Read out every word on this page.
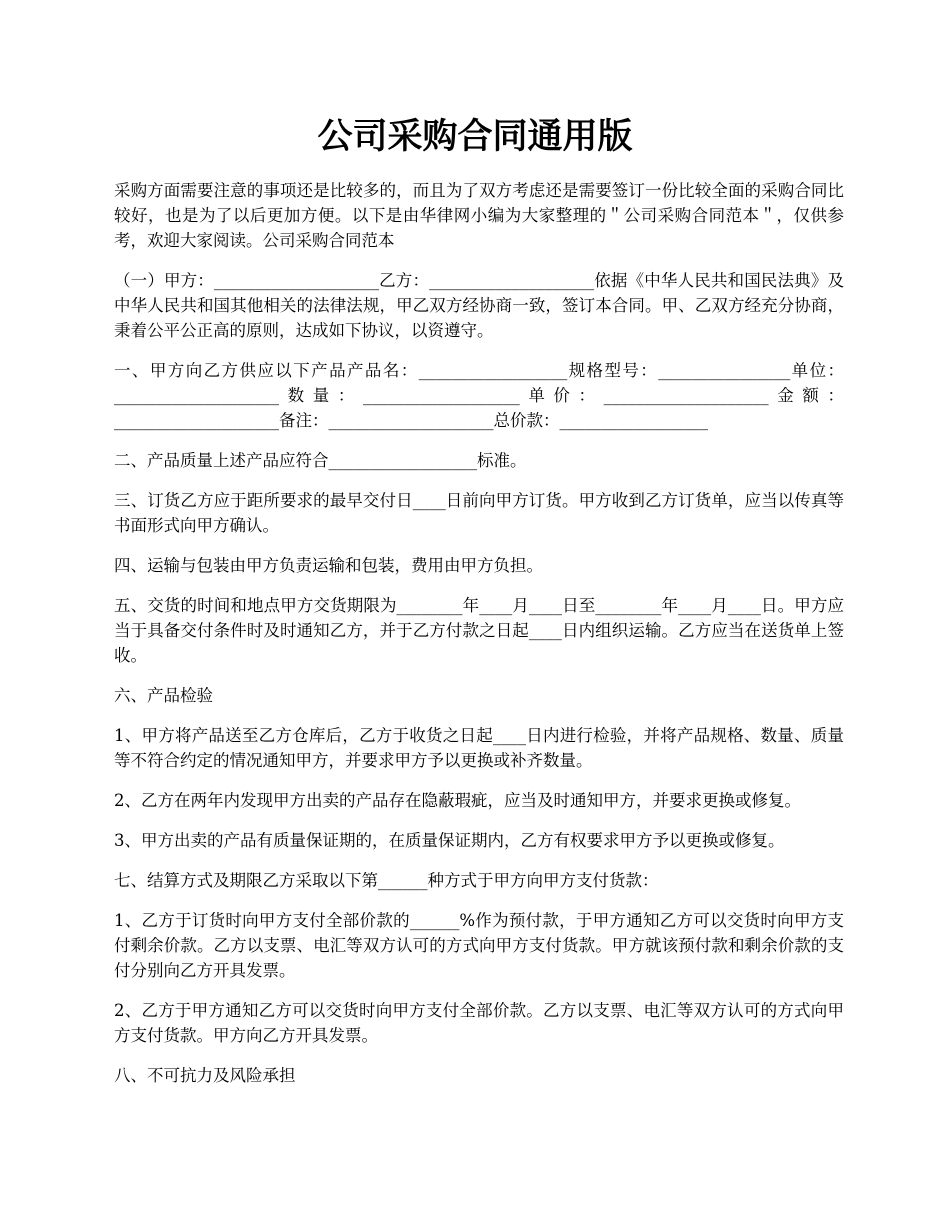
公司采购合同通用版

采购方面需要注意的事项还是比较多的，而且为了双方考虑还是需要签订一份比较全面的采购合同比较好，也是为了以后更加方便。以下是由华律网小编为大家整理的＂公司采购合同范本＂，仅供参考，欢迎大家阅读。公司采购合同范本

（一）甲方：____________________乙方：____________________依据《中华人民共和国民法典》及中华人民共和国其他相关的法律法规，甲乙双方经协商一致，签订本合同。甲、乙双方经充分协商，秉着公平公正高的原则，达成如下协议，以资遵守。

一、甲方向乙方供应以下产品产品名：__________________规格型号：________________单位：____________________数量：___________________单价：____________________金额：____________________备注：____________________总价款：__________________

二、产品质量上述产品应符合__________________标准。

三、订货乙方应于距所要求的最早交付日____日前向甲方订货。甲方收到乙方订货单，应当以传真等书面形式向甲方确认。

四、运输与包装由甲方负责运输和包装，费用由甲方负担。

五、交货的时间和地点甲方交货期限为________年____月____日至________年____月____日。甲方应当于具备交付条件时及时通知乙方，并于乙方付款之日起____日内组织运输。乙方应当在送货单上签收。

六、产品检验

1、甲方将产品送至乙方仓库后，乙方于收货之日起____日内进行检验，并将产品规格、数量、质量等不符合约定的情况通知甲方，并要求甲方予以更换或补齐数量。

2、乙方在两年内发现甲方出卖的产品存在隐蔽瑕疵，应当及时通知甲方，并要求更换或修复。

3、甲方出卖的产品有质量保证期的，在质量保证期内，乙方有权要求甲方予以更换或修复。

七、结算方式及期限乙方采取以下第______种方式于甲方向甲方支付货款：

1、乙方于订货时向甲方支付全部价款的______%作为预付款，于甲方通知乙方可以交货时向甲方支付剩余价款。乙方以支票、电汇等双方认可的方式向甲方支付货款。甲方就该预付款和剩余价款的支付分别向乙方开具发票。

2、乙方于甲方通知乙方可以交货时向甲方支付全部价款。乙方以支票、电汇等双方认可的方式向甲方支付货款。甲方向乙方开具发票。

八、不可抗力及风险承担
